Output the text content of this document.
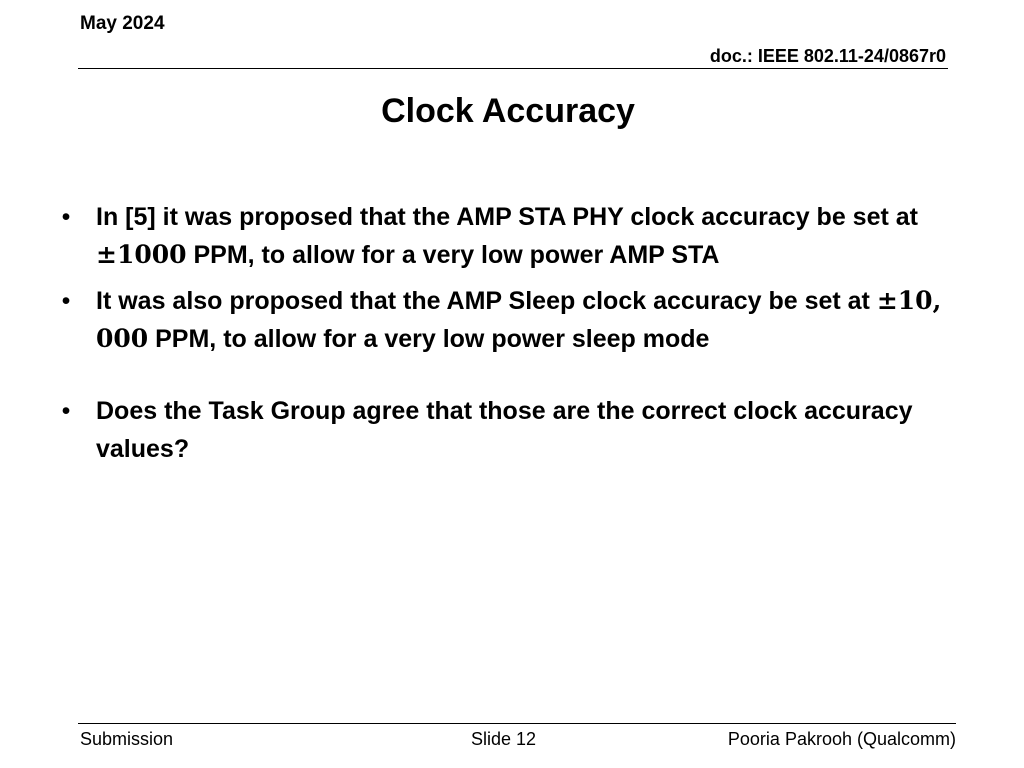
May 2024
doc.: IEEE 802.11-24/0867r0
Clock Accuracy
• In [5] it was proposed that the AMP STA PHY clock accuracy be set at ±1000 PPM, to allow for a very low power AMP STA
• It was also proposed that the AMP Sleep clock accuracy be set at ±10, 000 PPM, to allow for a very low power sleep mode
• Does the Task Group agree that those are the correct clock accuracy values?
Submission	Slide 12	Pooria Pakrooh (Qualcomm)
